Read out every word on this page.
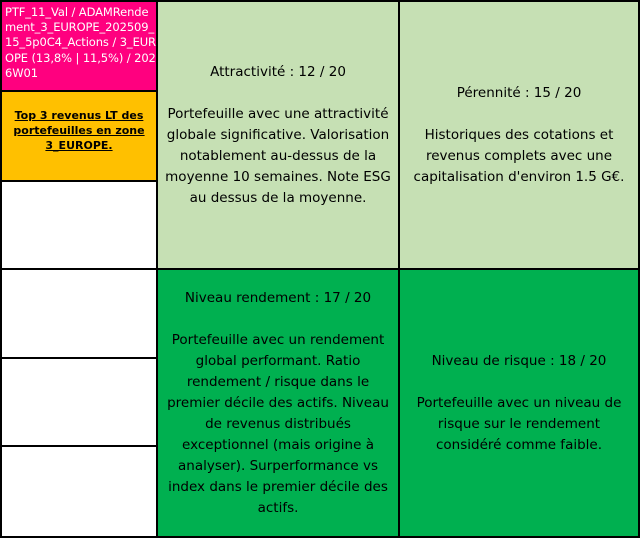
PTF_11_Val / ADAMRendement_3_EUROPE_202509_15_5p0C4_Actions / 3_EUROPE (13,8% | 11,5%) / 2026W01
Top 3 revenus LT des portefeuilles en zone 3_EUROPE.
Attractivité : 12 / 20
Portefeuille avec une attractivité globale significative. Valorisation notablement au-dessus de la moyenne 10 semaines. Note ESG au dessus de la moyenne.
Pérennité : 15 / 20
Historiques des cotations et revenus complets avec une capitalisation d'environ 1.5 G€.
Niveau rendement : 17 / 20
Portefeuille avec un rendement global performant. Ratio rendement / risque dans le premier décile des actifs. Niveau de revenus distribués exceptionnel (mais origine à analyser). Surperformance vs index dans le premier décile des actifs.
Niveau de risque : 18 / 20
Portefeuille avec un niveau de risque sur le rendement considéré comme faible.
